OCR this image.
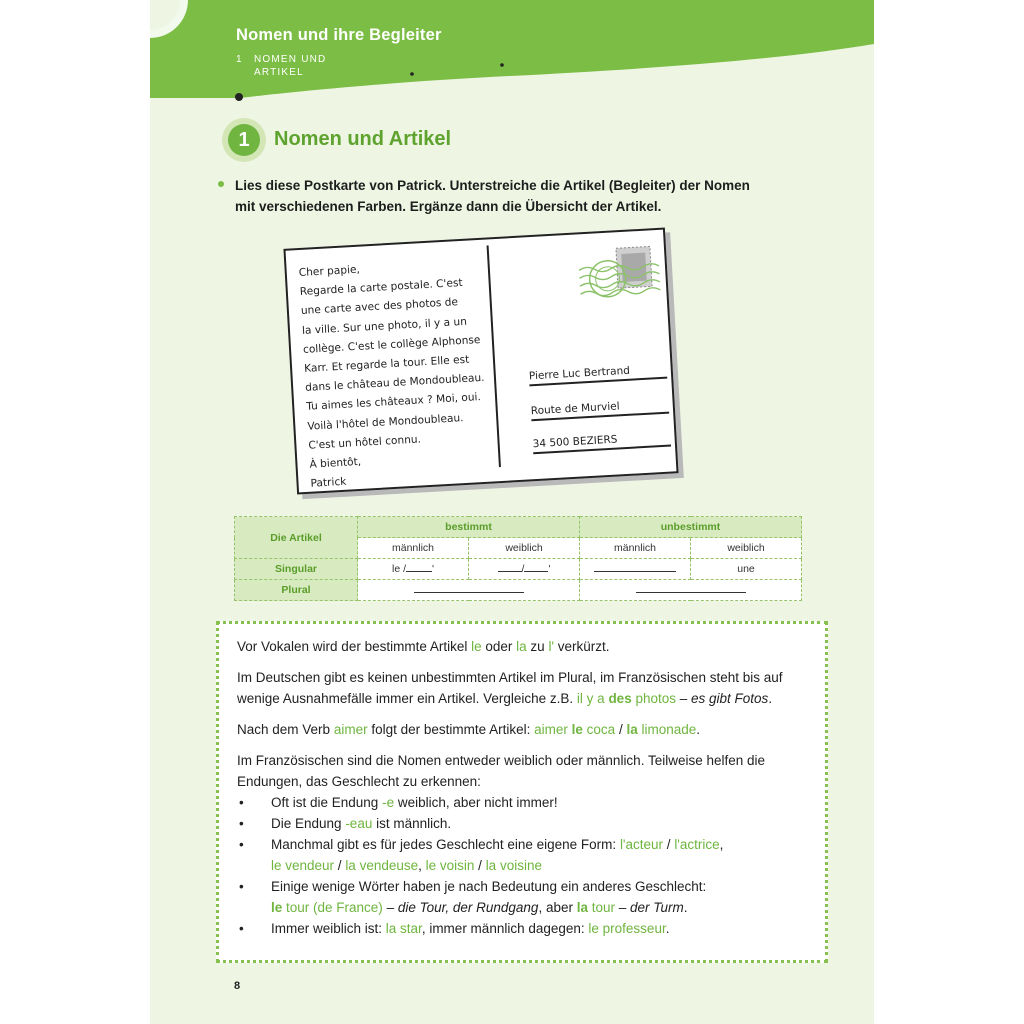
Nomen und ihre Begleiter
1 NOMEN UND
ARTIKEL
1	Nomen und Artikel
Lies diese Postkarte von Patrick. Unterstreiche die Artikel (Begleiter) der Nomen mit verschiedenen Farben. Ergänze dann die Übersicht der Artikel.
Cher papie,
Regarde la carte postale. C'est
une carte avec des photos de
la ville. Sur une photo, il y a un
collège. C'est le collège Alphonse
Karr. Et regarde la tour. Elle est
dans le château de Mondoubleau.
Tu aimes les châteaux ? Moi, oui.
Voilà l'hôtel de Mondoubleau.
C'est un hôtel connu.
À bientôt,
Patrick
Pierre Luc Bertrand
Route de Murviel
34 500 BEZIERS
Die Artikel	bestimmt		unbestimmt	
	männlich	weiblich	männlich	weiblich
Singular	le / '	/ '		une
Plural				

Vor Vokalen wird der bestimmte Artikel le oder la zu l' verkürzt.

Im Deutschen gibt es keinen unbestimmten Artikel im Plural, im Französischen steht bis auf wenige Ausnahmefälle immer ein Artikel. Vergleiche z.B. il y a des photos – es gibt Fotos.

Nach dem Verb aimer folgt der bestimmte Artikel: aimer le coca / la limonade.

Im Französischen sind die Nomen entweder weiblich oder männlich. Teilweise helfen die Endungen, das Geschlecht zu erkennen:

• Oft ist die Endung -e weiblich, aber nicht immer!
• Die Endung -eau ist männlich.
• Manchmal gibt es für jedes Geschlecht eine eigene Form: l'acteur / l'actrice,
le vendeur / la vendeuse, le voisin / la voisine
• Einige wenige Wörter haben je nach Bedeutung ein anderes Geschlecht:
le tour (de France) – die Tour, der Rundgang, aber la tour – der Turm.
• Immer weiblich ist: la star, immer männlich dagegen: le professeur.
8
